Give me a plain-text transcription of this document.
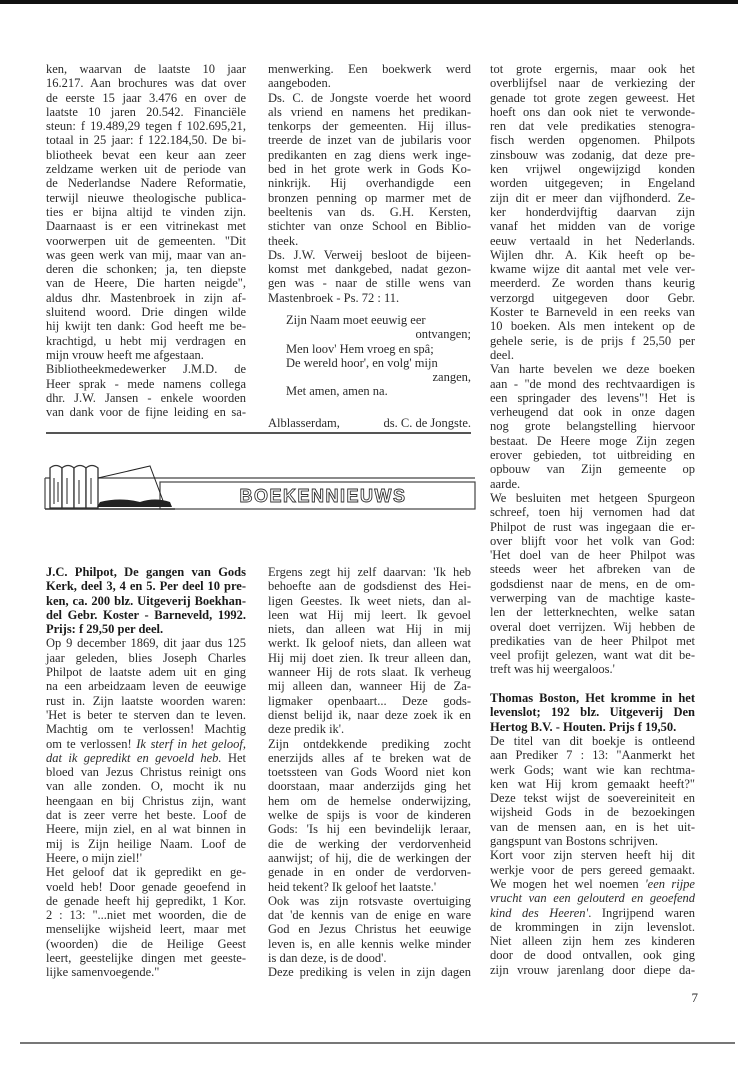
ken, waarvan de laatste 10 jaar
16.217. Aan brochures was dat over
de eerste 15 jaar 3.476 en over de
laatste 10 jaren 20.542. Financiële
steun: f 19.489,29 tegen f 102.695,21,
totaal in 25 jaar: f 122.184,50. De bi-
bliotheek bevat een keur aan zeer
zeldzame werken uit de periode van
de Nederlandse Nadere Reformatie,
terwijl nieuwe theologische publica-
ties er bijna altijd te vinden zijn.
Daarnaast is er een vitrinekast met
voorwerpen uit de gemeenten. "Dit
was geen werk van mij, maar van an-
deren die schonken; ja, ten diepste
van de Heere, Die harten neigde",
aldus dhr. Mastenbroek in zijn af-
sluitend woord. Drie dingen wilde
hij kwijt ten dank: God heeft me be-
krachtigd, u hebt mij verdragen en
mijn vrouw heeft me afgestaan.
Bibliotheekmedewerker J.M.D. de
Heer sprak - mede namens collega
dhr. J.W. Jansen - enkele woorden
van dank voor de fijne leiding en sa-
menwerking. Een boekwerk werd
aangeboden.
Ds. C. de Jongste voerde het woord
als vriend en namens het predikan-
tenkorps der gemeenten. Hij illus-
treerde de inzet van de jubilaris voor
predikanten en zag diens werk inge-
bed in het grote werk in Gods Ko-
ninkrijk. Hij overhandigde een
bronzen penning op marmer met de
beeltenis van ds. G.H. Kersten,
stichter van onze School en Biblio-
theek.
Ds. J.W. Verweij besloot de bijeen-
komst met dankgebed, nadat gezon-
gen was - naar de stille wens van
Mastenbroek - Ps. 72 : 11.
Zijn Naam moet eeuwig eer
ontvangen;
Men loov' Hem vroeg en spâ;
De wereld hoor', en volg' mijn
zangen,
Met amen, amen na.
Alblasserdam,	ds. C. de Jongste.
BOEKENNIEUWS
J.C. Philpot, De gangen van Gods
Kerk, deel 3, 4 en 5. Per deel 10 pre-
ken, ca. 200 blz. Uitgeverij Boekhan-
del Gebr. Koster - Barneveld, 1992.
Prijs: f 29,50 per deel.
Op 9 december 1869, dit jaar dus 125
jaar geleden, blies Joseph Charles
Philpot de laatste adem uit en ging
na een arbeidzaam leven de eeuwige
rust in. Zijn laatste woorden waren:
'Het is beter te sterven dan te leven.
Machtig om te verlossen! Machtig
om te verlossen! Ik sterf in het geloof,
dat ik gepredikt en gevoeld heb. Het
bloed van Jezus Christus reinigt ons
van alle zonden. O, mocht ik nu
heengaan en bij Christus zijn, want
dat is zeer verre het beste. Loof de
Heere, mijn ziel, en al wat binnen in
mij is Zijn heilige Naam. Loof de
Heere, o mijn ziel!'
Het geloof dat ik gepredikt en ge-
voeld heb! Door genade geoefend in
de genade heeft hij gepredikt, 1 Kor.
2 : 13: "...niet met woorden, die de
menselijke wijsheid leert, maar met
(woorden) die de Heilige Geest
leert, geestelijke dingen met geeste-
lijke samenvoegende."
Ergens zegt hij zelf daarvan: 'Ik heb
behoefte aan de godsdienst des Hei-
ligen Geestes. Ik weet niets, dan al-
leen wat Hij mij leert. Ik gevoel
niets, dan alleen wat Hij in mij
werkt. Ik geloof niets, dan alleen wat
Hij mij doet zien. Ik treur alleen dan,
wanneer Hij de rots slaat. Ik verheug
mij alleen dan, wanneer Hij de Za-
ligmaker openbaart... Deze gods-
dienst belijd ik, naar deze zoek ik en
deze predik ik'.
Zijn ontdekkende prediking zocht
enerzijds alles af te breken wat de
toetssteen van Gods Woord niet kon
doorstaan, maar anderzijds ging het
hem om de hemelse onderwijzing,
welke de spijs is voor de kinderen
Gods: 'Is hij een bevindelijk leraar,
die de werking der verdorvenheid
aanwijst; of hij, die de werkingen der
genade in en onder de verdorven-
heid tekent? Ik geloof het laatste.'
Ook was zijn rotsvaste overtuiging
dat 'de kennis van de enige en ware
God en Jezus Christus het eeuwige
leven is, en alle kennis welke minder
is dan deze, is de dood'.
Deze prediking is velen in zijn dagen
tot grote ergernis, maar ook het
overblijfsel naar de verkiezing der
genade tot grote zegen geweest. Het
hoeft ons dan ook niet te verwonde-
ren dat vele predikaties stenogra-
fisch werden opgenomen. Philpots
zinsbouw was zodanig, dat deze pre-
ken vrijwel ongewijzigd konden
worden uitgegeven; in Engeland
zijn dit er meer dan vijfhonderd. Ze-
ker honderdvijftig daarvan zijn
vanaf het midden van de vorige
eeuw vertaald in het Nederlands.
Wijlen dhr. A. Kik heeft op be-
kwame wijze dit aantal met vele ver-
meerderd. Ze worden thans keurig
verzorgd uitgegeven door Gebr.
Koster te Barneveld in een reeks van
10 boeken. Als men intekent op de
gehele serie, is de prijs f 25,50 per
deel.
Van harte bevelen we deze boeken
aan - "de mond des rechtvaardigen is
een springader des levens"! Het is
verheugend dat ook in onze dagen
nog grote belangstelling hiervoor
bestaat. De Heere moge Zijn zegen
erover gebieden, tot uitbreiding en
opbouw van Zijn gemeente op
aarde.
We besluiten met hetgeen Spurgeon
schreef, toen hij vernomen had dat
Philpot de rust was ingegaan die er-
over blijft voor het volk van God:
'Het doel van de heer Philpot was
steeds weer het afbreken van de
godsdienst naar de mens, en de om-
verwerping van de machtige kaste-
len der letterknechten, welke satan
overal doet verrijzen. Wij hebben de
predikaties van de heer Philpot met
veel profijt gelezen, want wat dit be-
treft was hij weergaloos.'
Thomas Boston, Het kromme in het
levenslot; 192 blz. Uitgeverij Den
Hertog B.V. - Houten. Prijs f 19,50.
De titel van dit boekje is ontleend
aan Prediker 7 : 13: "Aanmerkt het
werk Gods; want wie kan rechtma-
ken wat Hij krom gemaakt heeft?"
Deze tekst wijst de soevereiniteit en
wijsheid Gods in de bezoekingen
van de mensen aan, en is het uit-
gangspunt van Bostons schrijven.
Kort voor zijn sterven heeft hij dit
werkje voor de pers gereed gemaakt.
We mogen het wel noemen 'een rijpe
vrucht van een gelouterd en geoefend
kind des Heeren'. Ingrijpend waren
de krommingen in zijn levenslot.
Niet alleen zijn hem zes kinderen
door de dood ontvallen, ook ging
zijn vrouw jarenlang door diepe da-
7
